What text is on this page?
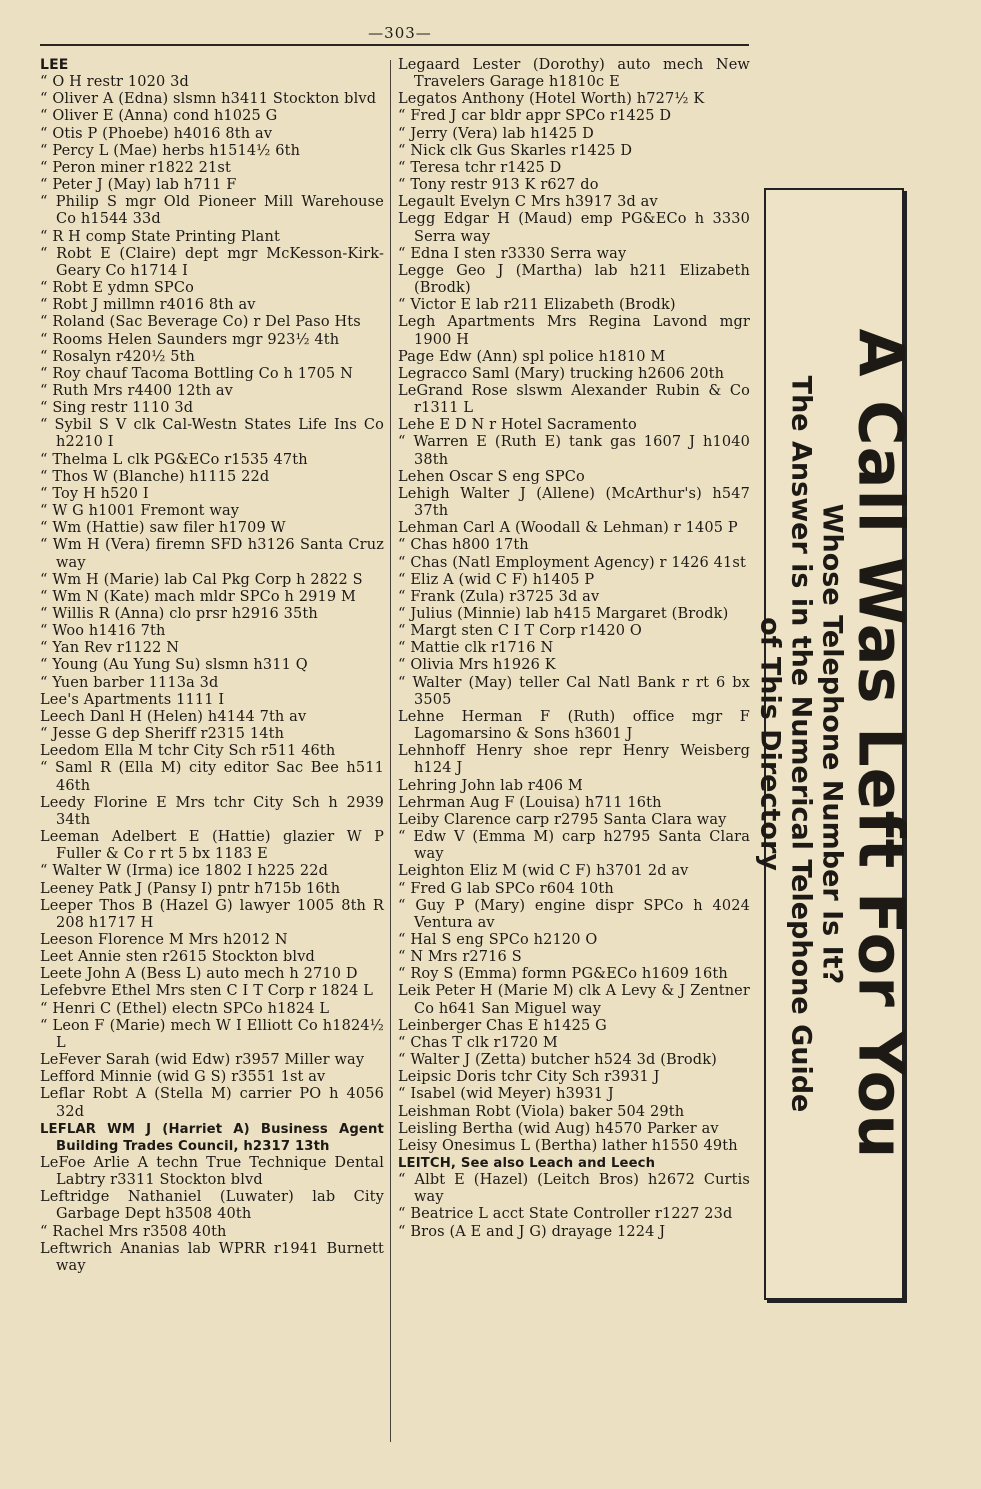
—303—
LEE
“ O H restr 1020 3d
“ Oliver A (Edna) slsmn h3411 Stockton blvd
“ Oliver E (Anna) cond h1025 G
“ Otis P (Phoebe) h4016 8th av
“ Percy L (Mae) herbs h1514½ 6th
“ Peron miner r1822 21st
“ Peter J (May) lab h711 F
“ Philip S mgr Old Pioneer Mill Warehouse Co h1544 33d
“ R H comp State Printing Plant
“ Robt E (Claire) dept mgr McKesson-Kirk-Geary Co h1714 I
“ Robt E ydmn SPCo
“ Robt J millmn r4016 8th av
“ Roland (Sac Beverage Co) r Del Paso Hts
“ Rooms Helen Saunders mgr 923½ 4th
“ Rosalyn r420½ 5th
“ Roy chauf Tacoma Bottling Co h 1705 N
“ Ruth Mrs r4400 12th av
“ Sing restr 1110 3d
“ Sybil S V clk Cal-Westn States Life Ins Co h2210 I
“ Thelma L clk PG&ECo r1535 47th
“ Thos W (Blanche) h1115 22d
“ Toy H h520 I
“ W G h1001 Fremont way
“ Wm (Hattie) saw filer h1709 W
“ Wm H (Vera) firemn SFD h3126 Santa Cruz way
“ Wm H (Marie) lab Cal Pkg Corp h 2822 S
“ Wm N (Kate) mach mldr SPCo h 2919 M
“ Willis R (Anna) clo prsr h2916 35th
“ Woo h1416 7th
“ Yan Rev r1122 N
“ Young (Au Yung Su) slsmn h311 Q
“ Yuen barber 1113a 3d
Lee's Apartments 1111 I
Leech Danl H (Helen) h4144 7th av
“ Jesse G dep Sheriff r2315 14th
Leedom Ella M tchr City Sch r511 46th
“ Saml R (Ella M) city editor Sac Bee h511 46th
Leedy Florine E Mrs tchr City Sch h 2939 34th
Leeman Adelbert E (Hattie) glazier W P Fuller & Co r rt 5 bx 1183 E
“ Walter W (Irma) ice 1802 I h225 22d
Leeney Patk J (Pansy I) pntr h715b 16th
Leeper Thos B (Hazel G) lawyer 1005 8th R 208 h1717 H
Leeson Florence M Mrs h2012 N
Leet Annie sten r2615 Stockton blvd
Leete John A (Bess L) auto mech h 2710 D
Lefebvre Ethel Mrs sten C I T Corp r 1824 L
“ Henri C (Ethel) electn SPCo h1824 L
“ Leon F (Marie) mech W I Elliott Co h1824½ L
LeFever Sarah (wid Edw) r3957 Miller way
Lefford Minnie (wid G S) r3551 1st av
Leflar Robt A (Stella M) carrier PO h 4056 32d
LEFLAR WM J (Harriet A) Business Agent Building Trades Council, h2317 13th
LeFoe Arlie A techn True Technique Dental Labtry r3311 Stockton blvd
Leftridge Nathaniel (Luwater) lab City Garbage Dept h3508 40th
“ Rachel Mrs r3508 40th
Leftwrich Ananias lab WPRR r1941 Burnett way
Legaard Lester (Dorothy) auto mech New Travelers Garage h1810c E
Legatos Anthony (Hotel Worth) h727½ K
“ Fred J car bldr appr SPCo r1425 D
“ Jerry (Vera) lab h1425 D
“ Nick clk Gus Skarles r1425 D
“ Teresa tchr r1425 D
“ Tony restr 913 K r627 do
Legault Evelyn C Mrs h3917 3d av
Legg Edgar H (Maud) emp PG&ECo h 3330 Serra way
“ Edna I sten r3330 Serra way
Legge Geo J (Martha) lab h211 Elizabeth (Brodk)
“ Victor E lab r211 Elizabeth (Brodk)
Legh Apartments Mrs Regina Lavond mgr 1900 H
Page Edw (Ann) spl police h1810 M
Legracco Saml (Mary) trucking h2606 20th
LeGrand Rose slswm Alexander Rubin & Co r1311 L
Lehe E D N r Hotel Sacramento
“ Warren E (Ruth E) tank gas 1607 J h1040 38th
Lehen Oscar S eng SPCo
Lehigh Walter J (Allene) (McArthur's) h547 37th
Lehman Carl A (Woodall & Lehman) r 1405 P
“ Chas h800 17th
“ Chas (Natl Employment Agency) r 1426 41st
“ Eliz A (wid C F) h1405 P
“ Frank (Zula) r3725 3d av
“ Julius (Minnie) lab h415 Margaret (Brodk)
“ Margt sten C I T Corp r1420 O
“ Mattie clk r1716 N
“ Olivia Mrs h1926 K
“ Walter (May) teller Cal Natl Bank r rt 6 bx 3505
Lehne Herman F (Ruth) office mgr F Lagomarsino & Sons h3601 J
Lehnhoff Henry shoe repr Henry Weisberg h124 J
Lehring John lab r406 M
Lehrman Aug F (Louisa) h711 16th
Leiby Clarence carp r2795 Santa Clara way
“ Edw V (Emma M) carp h2795 Santa Clara way
Leighton Eliz M (wid C F) h3701 2d av
“ Fred G lab SPCo r604 10th
“ Guy P (Mary) engine dispr SPCo h 4024 Ventura av
“ Hal S eng SPCo h2120 O
“ N Mrs r2716 S
“ Roy S (Emma) formn PG&ECo h1609 16th
Leik Peter H (Marie M) clk A Levy & J Zentner Co h641 San Miguel way
Leinberger Chas E h1425 G
“ Chas T clk r1720 M
“ Walter J (Zetta) butcher h524 3d (Brodk)
Leipsic Doris tchr City Sch r3931 J
“ Isabel (wid Meyer) h3931 J
Leishman Robt (Viola) baker 504 29th
Leisling Bertha (wid Aug) h4570 Parker av
Leisy Onesimus L (Bertha) lather h1550 49th
LEITCH, See also Leach and Leech
“ Albt E (Hazel) (Leitch Bros) h2672 Curtis way
“ Beatrice L acct State Controller r1227 23d
“ Bros (A E and J G) drayage 1224 J
A Call Was Left For You
Whose Telephone Number Is It?
The Answer is in the Numerical Telephone Guide
of This Directory
